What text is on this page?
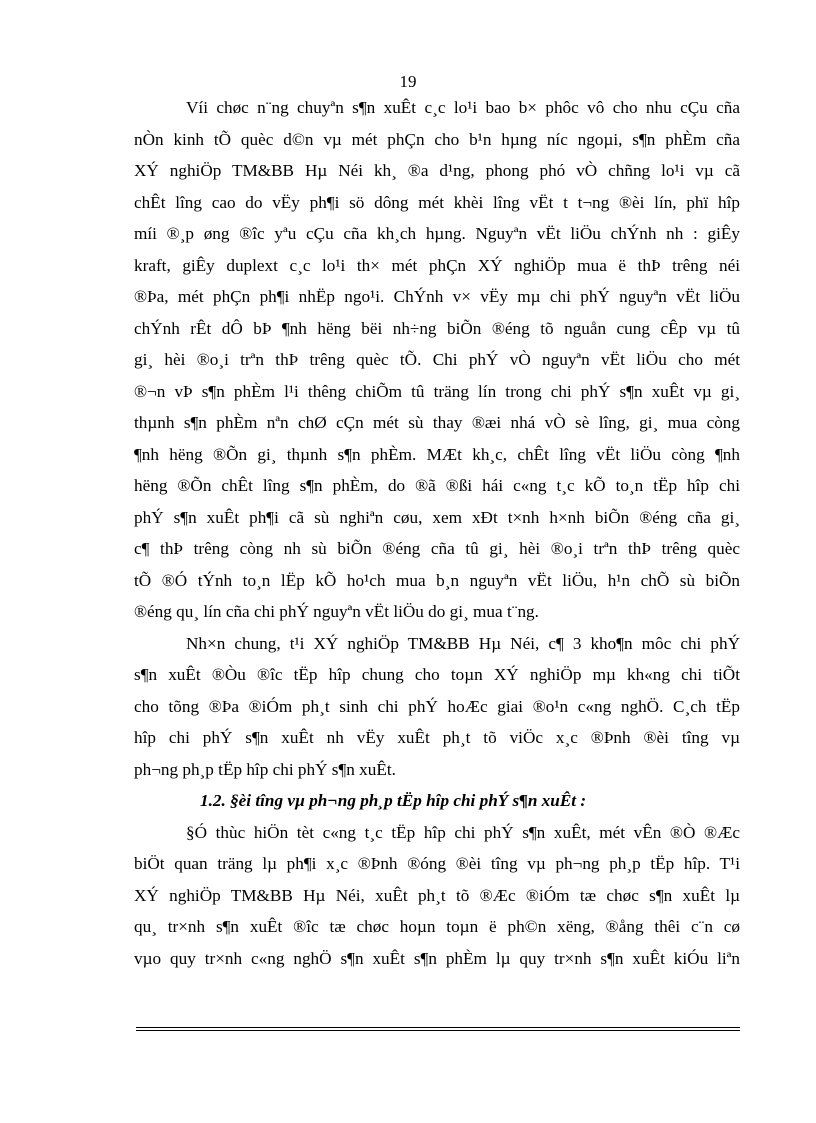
19
Víi chøc n¨ng chuyªn s¶n xuÊt c¸c lo¹i bao b× phôc vô cho nhu cÇu cña
nÒn kinh tÕ quèc d©n vµ mét phÇn cho b¹n hµng níc ngoµi, s¶n phÈm cña
XÝ nghiÖp TM&BB Hµ Néi kh¸ ®a d¹ng, phong phó vÒ chñng lo¹i vµ cã
chÊt lîng cao do vËy ph¶i sö dông mét khèi lîng vËt t t¬ng ®èi lín, phï hîp
míi ®¸p øng ®îc yªu cÇu cña kh¸ch hµng. Nguyªn vËt liÖu chÝnh nh : giÊy
kraft, giÊy duplext c¸c lo¹i th× mét phÇn XÝ nghiÖp mua ë thÞ trêng néi
®Þa, mét phÇn ph¶i nhËp ngo¹i. ChÝnh v× vËy mµ chi phÝ nguyªn vËt liÖu
chÝnh rÊt dÔ bÞ ¶nh hëng bëi nh÷ng biÕn ®éng tõ nguån cung cÊp vµ tû
gi¸ hèi ®o¸i trªn thÞ trêng quèc tÕ. Chi phÝ vÒ nguyªn vËt liÖu cho mét
®¬n vÞ s¶n phÈm l¹i thêng chiÕm tû träng lín trong chi phÝ s¶n xuÊt vµ gi¸
thµnh s¶n phÈm nªn chØ cÇn mét sù thay ®æi nhá vÒ sè lîng, gi¸ mua còng
¶nh hëng ®Õn gi¸ thµnh s¶n phÈm. MÆt kh¸c, chÊt lîng vËt liÖu còng ¶nh
hëng ®Õn chÊt lîng s¶n phÈm, do ®ã ®ßi hái c«ng t¸c kÕ to¸n tËp hîp chi
phÝ s¶n xuÊt ph¶i cã sù nghiªn cøu, xem xÐt t×nh h×nh biÕn ®éng cña gi¸
c¶ thÞ trêng còng nh sù biÕn ®éng cña tû gi¸ hèi ®o¸i trªn thÞ trêng quèc
tÕ ®Ó tÝnh to¸n lËp kÕ ho¹ch mua b¸n nguyªn vËt liÖu, h¹n chÕ sù biÕn
®éng qu¸ lín cña chi phÝ nguyªn vËt liÖu do gi¸ mua t¨ng.
Nh×n chung, t¹i XÝ nghiÖp TM&BB Hµ Néi, c¶ 3 kho¶n môc chi phÝ
s¶n xuÊt ®Òu ®îc tËp hîp chung cho toµn XÝ nghiÖp mµ kh«ng chi tiÕt
cho tõng ®Þa ®iÓm ph¸t sinh chi phÝ hoÆc giai ®o¹n c«ng nghÖ. C¸ch tËp
hîp chi phÝ s¶n xuÊt nh vËy xuÊt ph¸t tõ viÖc x¸c ®Þnh ®èi tîng vµ
ph¬ng ph¸p tËp hîp chi phÝ s¶n xuÊt.
1.2. §èi tîng vµ ph¬ng ph¸p tËp hîp chi phÝ s¶n xuÊt :
§Ó thùc hiÖn tèt c«ng t¸c tËp hîp chi phÝ s¶n xuÊt, mét vÊn ®Ò ®Æc
biÖt quan träng lµ ph¶i x¸c ®Þnh ®óng ®èi tîng vµ ph¬ng ph¸p tËp hîp. T¹i
XÝ nghiÖp TM&BB Hµ Néi, xuÊt ph¸t tõ ®Æc ®iÓm tæ chøc s¶n xuÊt lµ
qu¸ tr×nh s¶n xuÊt ®îc tæ chøc hoµn toµn ë ph©n xëng, ®ång thêi c¨n cø
vµo quy tr×nh c«ng nghÖ s¶n xuÊt s¶n phÈm lµ quy tr×nh s¶n xuÊt kiÓu liªn
